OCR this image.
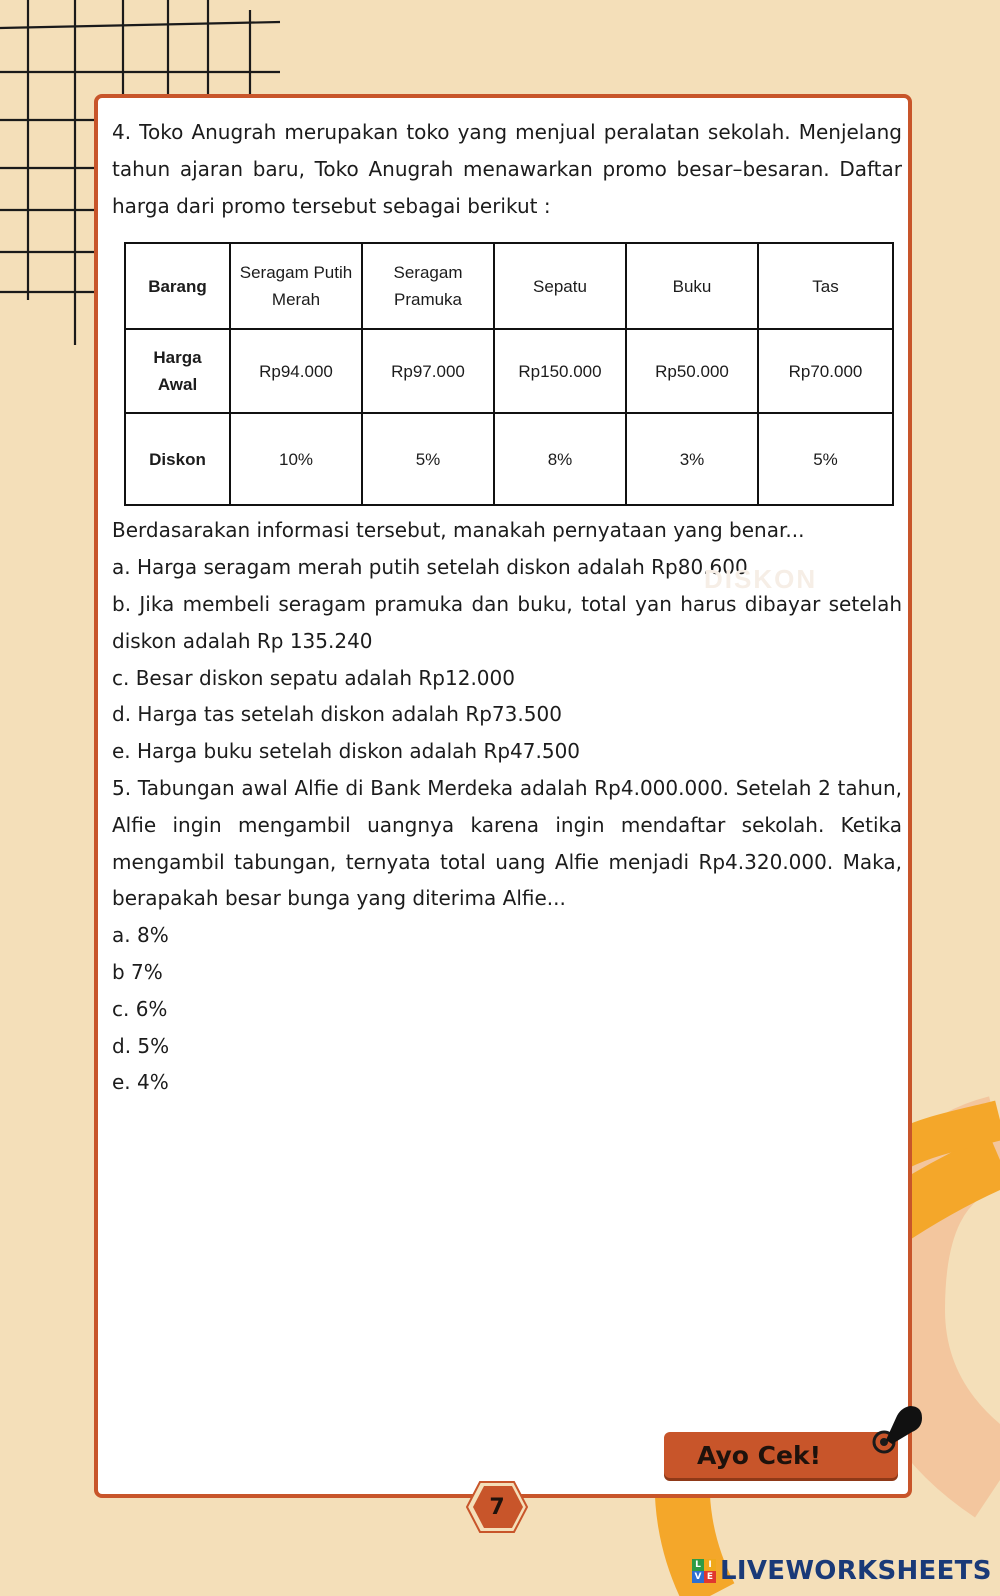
4. Toko Anugrah merupakan toko yang menjual peralatan sekolah. Menjelang tahun ajaran baru, Toko Anugrah menawarkan promo besar–besaran. Daftar harga dari promo tersebut sebagai berikut :

Barang	Seragam Putih Merah	Seragam Pramuka	Sepatu	Buku	Tas
Harga Awal	Rp94.000	Rp97.000	Rp150.000	Rp50.000	Rp70.000
Diskon	10%	5%	8%	3%	5%

Berdasarakan informasi tersebut, manakah pernyataan yang benar...

a. Harga seragam merah putih setelah diskon adalah Rp80.600

b. Jika membeli seragam pramuka dan buku, total yan harus dibayar setelah diskon adalah Rp 135.240

c. Besar diskon sepatu adalah Rp12.000

d. Harga tas setelah diskon adalah Rp73.500

e. Harga buku setelah diskon adalah Rp47.500

5. Tabungan awal Alfie di Bank Merdeka adalah Rp4.000.000. Setelah 2 tahun, Alfie ingin mengambil uangnya karena ingin mendaftar sekolah. Ketika mengambil tabungan, ternyata total uang Alfie menjadi Rp4.320.000. Maka, berapakah besar bunga yang diterima Alfie...

a. 8%

b 7%

c. 6%

d. 5%

e. 4%

DISKON
Ayo Cek!
7
L I
V E LIVEWORKSHEETS
